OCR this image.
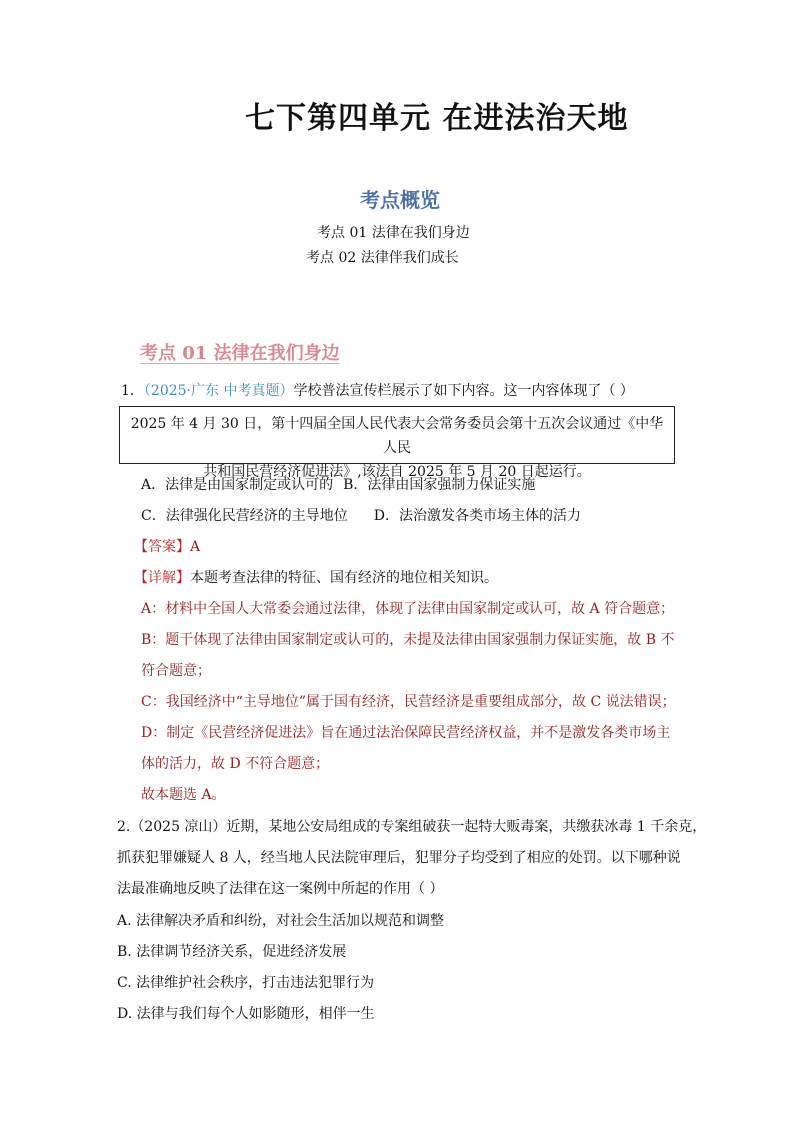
七下第四单元 在进法治天地
考点概览
考点 01 法律在我们身边
考点 02 法律伴我们成长
考点 01 法律在我们身边
1．（2025·广东 中考真题）学校普法宣传栏展示了如下内容。这一内容体现了（ ）
2025 年 4 月 30 日，第十四届全国人民代表大会常务委员会第十五次会议通过《中华人民
共和国民营经济促进法》,该法自 2025 年 5 月 20 日起运行。
A．法律是由国家制定或认可的 B．法律由国家强制力保证实施
C．法律强化民营经济的主导地位 D．法治激发各类市场主体的活力
【答案】A
【详解】本题考查法律的特征、国有经济的地位相关知识。
A：材料中全国人大常委会通过法律，体现了法律由国家制定或认可，故 A 符合题意；
B：题干体现了法律由国家制定或认可的，未提及法律由国家强制力保证实施，故 B 不
符合题意；
C：我国经济中“主导地位”属于国有经济，民营经济是重要组成部分，故 C 说法错误；
D：制定《民营经济促进法》旨在通过法治保障民营经济权益，并不是激发各类市场主
体的活力，故 D 不符合题意；
故本题选 A。
2.（2025 凉山）近期，某地公安局组成的专案组破获一起特大贩毒案，共缴获冰毒 1 千余克，
抓获犯罪嫌疑人 8 人，经当地人民法院审理后，犯罪分子均受到了相应的处罚。以下哪种说
法最准确地反映了法律在这一案例中所起的作用（ ）
A. 法律解决矛盾和纠纷，对社会生活加以规范和调整
B. 法律调节经济关系，促进经济发展
C. 法律维护社会秩序，打击违法犯罪行为
D. 法律与我们每个人如影随形，相伴一生
